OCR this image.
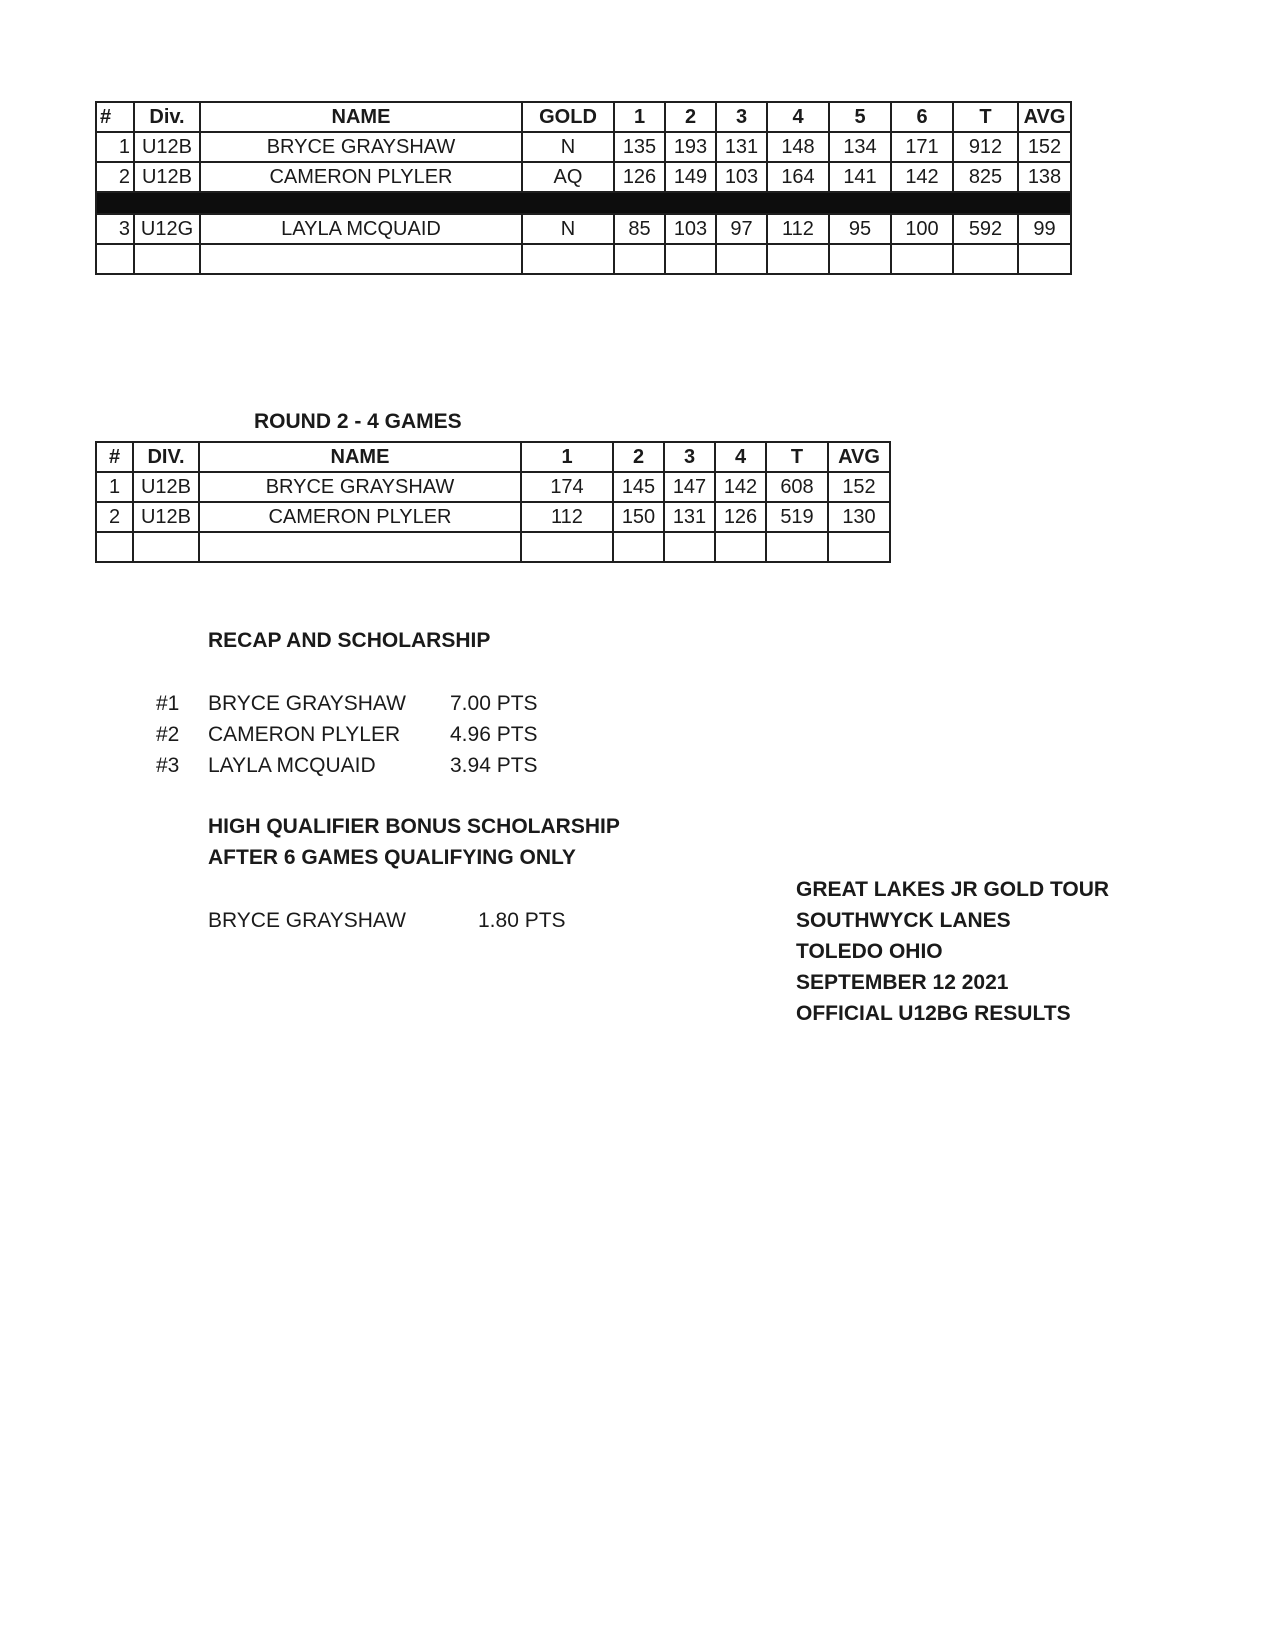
#	Div.	NAME	GOLD	1	2	3	4	5	6	T	AVG
1	U12B	BRYCE GRAYSHAW	N	135	193	131	148	134	171	912	152
2	U12B	CAMERON PLYLER	AQ	126	149	103	164	141	142	825	138

3	U12G	LAYLA MCQUAID	N	85	103	97	112	95	100	592	99

ROUND 2 - 4 GAMES
#	DIV.	NAME	1	2	3	4	T	AVG
1	U12B	BRYCE GRAYSHAW	174	145	147	142	608	152
2	U12B	CAMERON PLYLER	112	150	131	126	519	130

RECAP AND SCHOLARSHIP
#1 BRYCE GRAYSHAW 7.00 PTS
#2 CAMERON PLYLER 4.96 PTS
#3 LAYLA MCQUAID	3.94 PTS
HIGH QUALIFIER BONUS SCHOLARSHIP
AFTER 6 GAMES QUALIFYING ONLY
BRYCE GRAYSHAW	1.80 PTS
GREAT LAKES JR GOLD TOUR
SOUTHWYCK LANES
TOLEDO OHIO
SEPTEMBER 12 2021
OFFICIAL U12BG RESULTS
